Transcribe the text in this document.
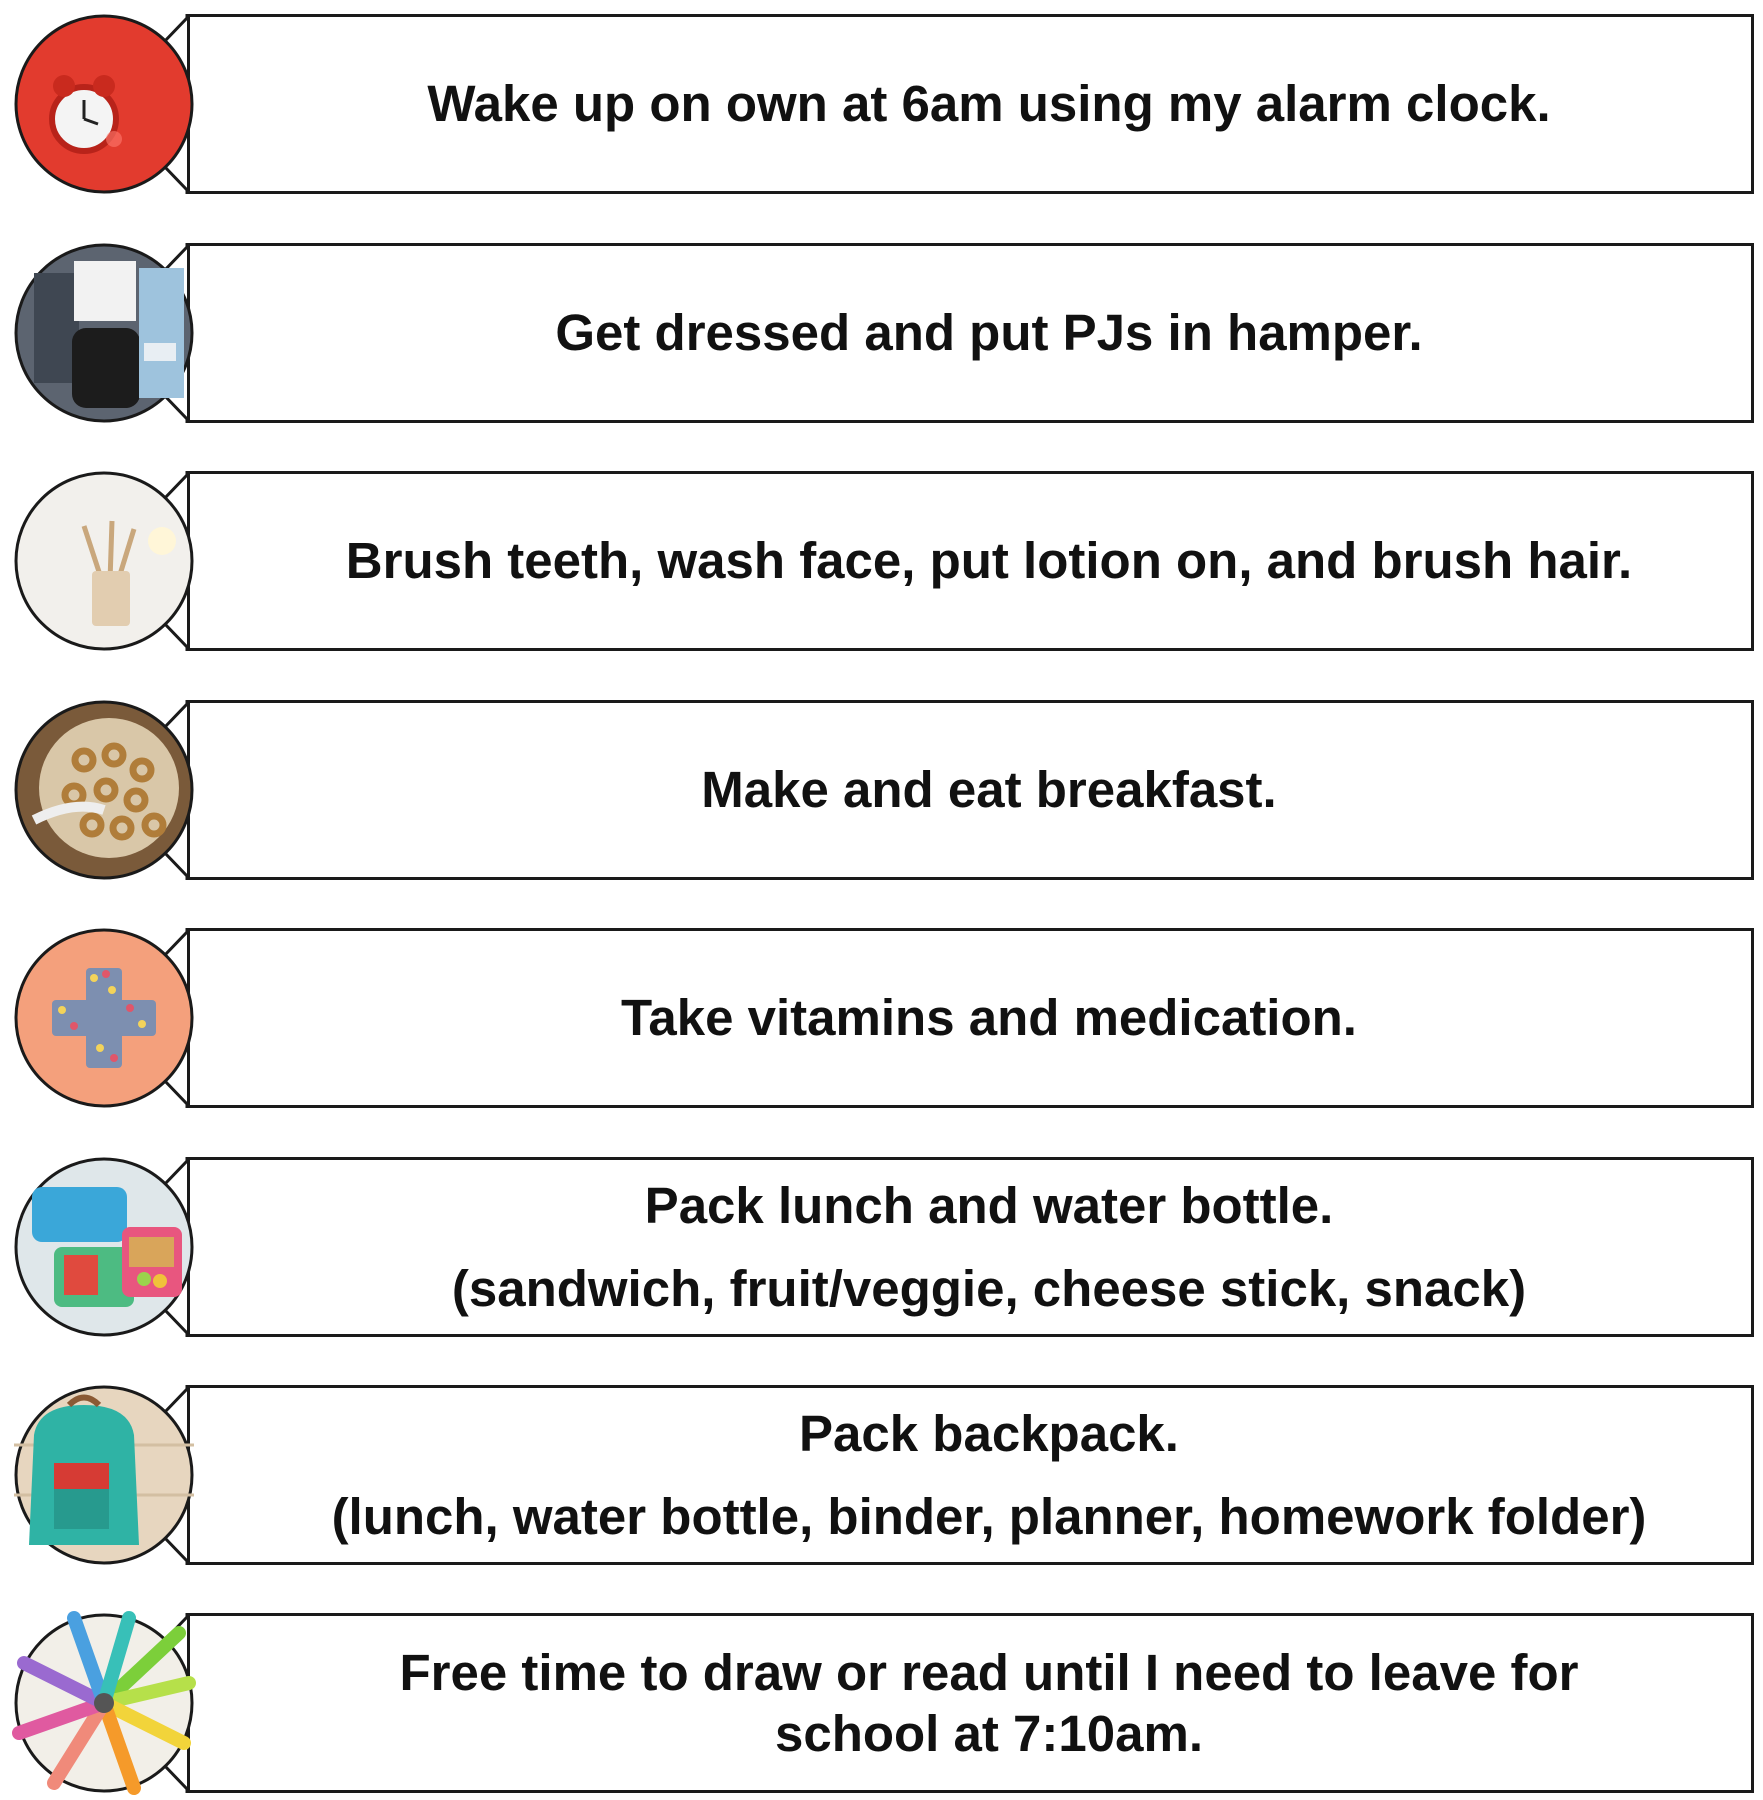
Wake up on own at 6am using my alarm clock.
Get dressed and put PJs in hamper.
Brush teeth, wash face, put lotion on, and brush hair.
Make and eat breakfast.
Take vitamins and medication.
Pack lunch and water bottle.
(sandwich, fruit/veggie, cheese stick, snack)
Pack backpack.
(lunch, water bottle, binder, planner, homework folder)
Free time to draw or read until I need to leave for
school at 7:10am.
